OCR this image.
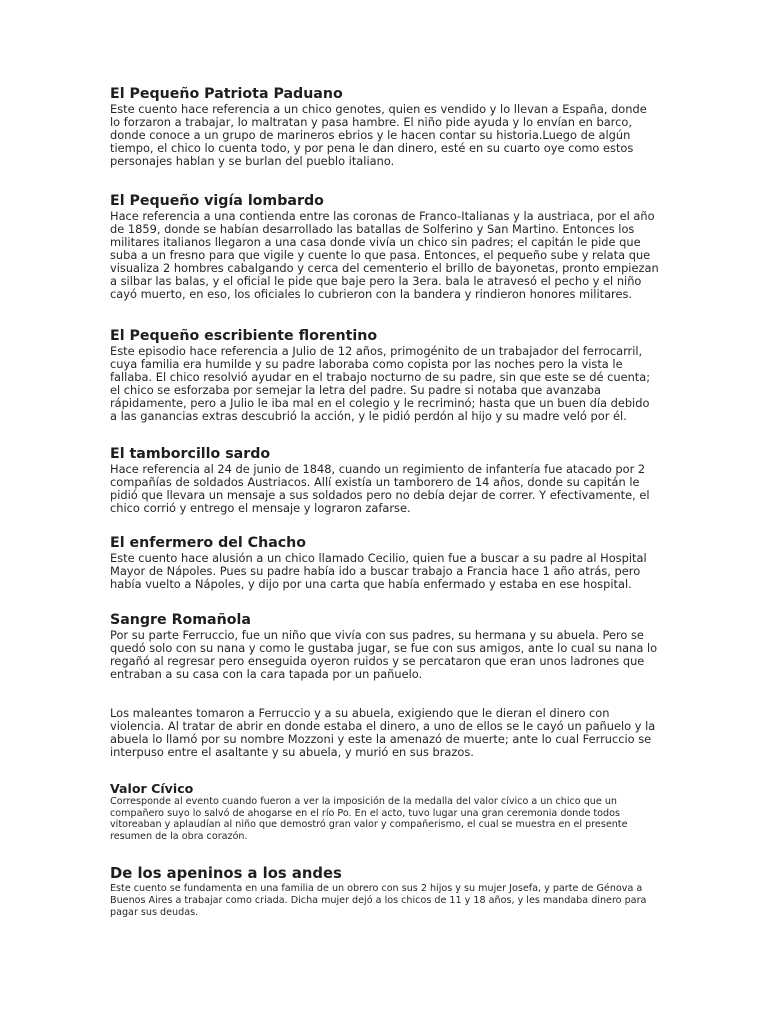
El Pequeño Patriota Paduano

Este cuento hace referencia a un chico genotes, quien es vendido y lo llevan a España, donde lo forzaron a trabajar, lo maltratan y pasa hambre. El niño pide ayuda y lo envían en barco, donde conoce a un grupo de marineros ebrios y le hacen contar su historia.Luego de algún tiempo, el chico lo cuenta todo, y por pena le dan dinero, esté en su cuarto oye como estos personajes hablan y se burlan del pueblo italiano.

El Pequeño vigía lombardo

Hace referencia a una contienda entre las coronas de Franco-Italianas y la austriaca, por el año de 1859, donde se habían desarrollado las batallas de Solferino y San Martino. Entonces los militares italianos llegaron a una casa donde vivía un chico sin padres; el capitán le pide que suba a un fresno para que vigile y cuente lo que pasa. Entonces, el pequeño sube y relata que visualiza 2 hombres cabalgando y cerca del cementerio el brillo de bayonetas, pronto empiezan a silbar las balas, y el oficial le pide que baje pero la 3era. bala le atravesó el pecho y el niño cayó muerto, en eso, los oficiales lo cubrieron con la bandera y rindieron honores militares.

El Pequeño escribiente florentino

Este episodio hace referencia a Julio de 12 años, primogénito de un trabajador del ferrocarril, cuya familia era humilde y su padre laboraba como copista por las noches pero la vista le fallaba. El chico resolvió ayudar en el trabajo nocturno de su padre, sin que este se dé cuenta; el chico se esforzaba por semejar la letra del padre. Su padre si notaba que avanzaba rápidamente, pero a Julio le iba mal en el colegio y le recriminó; hasta que un buen día debido a las ganancias extras descubrió la acción, y le pidió perdón al hijo y su madre veló por él.

El tamborcillo sardo

Hace referencia al 24 de junio de 1848, cuando un regimiento de infantería fue atacado por 2 compañías de soldados Austriacos. Allí existía un tamborero de 14 años, donde su capitán le pidió que llevara un mensaje a sus soldados pero no debía dejar de correr. Y efectivamente, el chico corrió y entrego el mensaje y lograron zafarse.

El enfermero del Chacho

Este cuento hace alusión a un chico llamado Cecilio, quien fue a buscar a su padre al Hospital Mayor de Nápoles. Pues su padre había ido a buscar trabajo a Francia hace 1 año atrás, pero había vuelto a Nápoles, y dijo por una carta que había enfermado y estaba en ese hospital.

Sangre Romañola

Por su parte Ferruccio, fue un niño que vivía con sus padres, su hermana y su abuela. Pero se quedó solo con su nana y como le gustaba jugar, se fue con sus amigos, ante lo cual su nana lo regañó al regresar pero enseguida oyeron ruidos y se percataron que eran unos ladrones que entraban a su casa con la cara tapada por un pañuelo.

Los maleantes tomaron a Ferruccio y a su abuela, exigiendo que le dieran el dinero con violencia. Al tratar de abrir en donde estaba el dinero, a uno de ellos se le cayó un pañuelo y la abuela lo llamó por su nombre Mozzoni y este la amenazó de muerte; ante lo cual Ferruccio se interpuso entre el asaltante y su abuela, y murió en sus brazos.

Valor Cívico

Corresponde al evento cuando fueron a ver la imposición de la medalla del valor cívico a un chico que un compañero suyo lo salvó de ahogarse en el río Po. En el acto, tuvo lugar una gran ceremonia donde todos vitoreaban y aplaudían al niño que demostró gran valor y compañerismo, el cual se muestra en el presente resumen de la obra corazón.

De los apeninos a los andes

Este cuento se fundamenta en una familia de un obrero con sus 2 hijos y su mujer Josefa, y parte de Génova a Buenos Aires a trabajar como criada. Dicha mujer dejó a los chicos de 11 y 18 años, y les mandaba dinero para pagar sus deudas.
